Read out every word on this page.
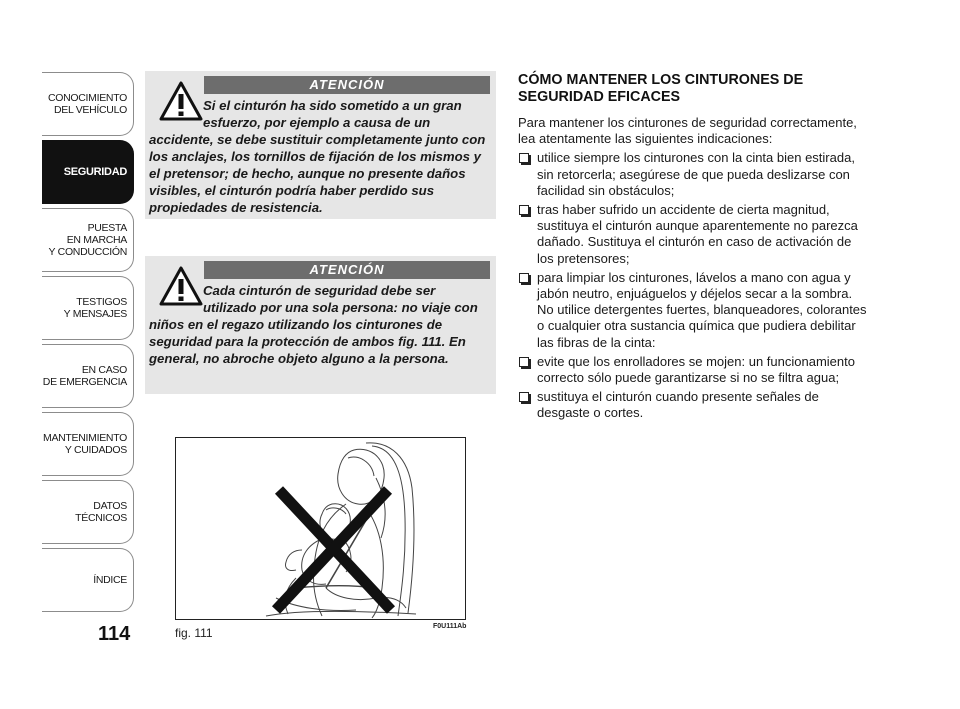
CONOCIMIENTO
DEL VEHÍCULO
SEGURIDAD
PUESTA
EN MARCHA
Y CONDUCCIÓN
TESTIGOS
Y MENSAJES
EN CASO
DE EMERGENCIA
MANTENIMIENTO
Y CUIDADOS
DATOS TÉCNICOS
ÍNDICE
114
ATENCIÓN

Si el cinturón ha sido sometido a un gran esfuerzo, por ejemplo a causa de un accidente, se debe sustituir completamente junto con los anclajes, los tornillos de fijación de los mismos y el pretensor; de hecho, aunque no presente daños visibles, el cinturón podría haber perdido sus propiedades de resistencia.

ATENCIÓN

Cada cinturón de seguridad debe ser utilizado por una sola persona: no viaje con niños en el regazo utilizando los cinturones de seguridad para la protección de ambos fig. 111. En general, no abroche objeto alguno a la persona.

fig. 111	F0U111Ab
CÓMO MANTENER LOS CINTURONES DE SEGURIDAD EFICACES

Para mantener los cinturones de seguridad correctamente, lea atentamente las siguientes indicaciones:

utilice siempre los cinturones con la cinta bien estirada, sin retorcerla; asegúrese de que pueda deslizarse con facilidad sin obstáculos;
tras haber sufrido un accidente de cierta magnitud, sustituya el cinturón aunque aparentemente no parezca dañado. Sustituya el cinturón en caso de activación de los pretensores;
para limpiar los cinturones, lávelos a mano con agua y jabón neutro, enjuáguelos y déjelos secar a la sombra. No utilice detergentes fuertes, blanqueadores, colorantes o cualquier otra sustancia química que pudiera debilitar las fibras de la cinta:
evite que los enrolladores se mojen: un funcionamiento correcto sólo puede garantizarse si no se filtra agua;
sustituya el cinturón cuando presente señales de desgaste o cortes.
